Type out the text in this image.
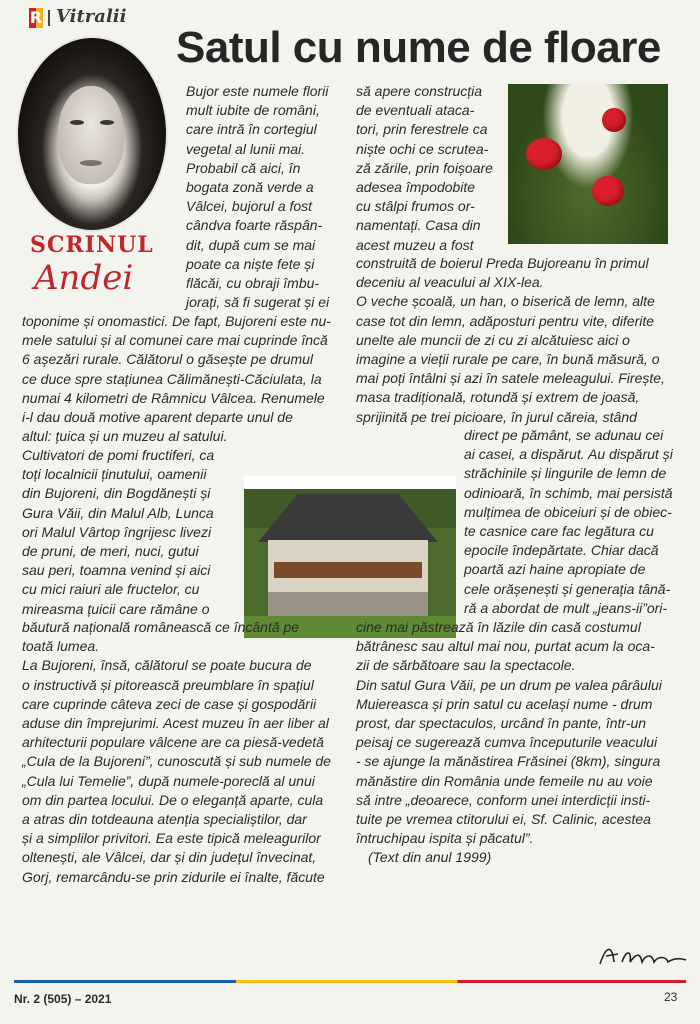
R Vitralii
SCRINUL
Andei
Satul cu nume de floare

Bujor este numele florii

mult iubite de români,

care intră în cortegiul

vegetal al lunii mai.

Probabil că aici, în

bogata zonă verde a

Vâlcei, bujorul a fost

cândva foarte răspân-

dit, după cum se mai

poate ca niște fete și

flăcăi, cu obraji îmbu-

jorați, să fi sugerat și ei

toponime și onomastici. De fapt, Bujoreni este nu-

mele satului și al comunei care mai cuprinde încă

6 așezări rurale. Călătorul o găsește pe drumul

ce duce spre stațiunea Călimănești-Căciulata, la

numai 4 kilometri de Râmnicu Vâlcea. Renumele

i-l dau două motive aparent departe unul de

altul: țuica și un muzeu al satului.

Cultivatori de pomi fructiferi, ca

toți localnicii ținutului, oamenii

din Bujoreni, din Bogdănești și

Gura Văii, din Malul Alb, Lunca

ori Malul Vârtop îngrijesc livezi

de pruni, de meri, nuci, gutui

sau peri, toamna venind și aici

cu mici raiuri ale fructelor, cu

mireasma țuicii care rămâne o

băutură națională românească ce încântă pe

toată lumea.

La Bujoreni, însă, călătorul se poate bucura de

o instructivă și pitorească preumblare în spațiul

care cuprinde câteva zeci de case și gospodării

aduse din împrejurimi. Acest muzeu în aer liber al

arhitecturii populare vâlcene are ca piesă-vedetă

„Cula de la Bujoreni”, cunoscută și sub numele de

„Cula lui Temelie”, după numele-poreclă al unui

om din partea locului. De o eleganță aparte, cula

a atras din totdeauna atenția specialiștilor, dar

și a simplilor privitori. Ea este tipică meleagurilor

oltenești, ale Vâlcei, dar și din județul învecinat,

Gorj, remarcându-se prin zidurile ei înalte, făcute

să apere construcția

de eventuali ataca-

tori, prin ferestrele ca

niște ochi ce scrutea-

ză zările, prin foișoare

adesea împodobite

cu stâlpi frumos or-

namentați. Casa din

acest muzeu a fost

construită de boierul Preda Bujoreanu în primul

deceniu al veacului al XIX-lea.

O veche școală, un han, o biserică de lemn, alte

case tot din lemn, adăposturi pentru vite, diferite

unelte ale muncii de zi cu zi alcătuiesc aici o

imagine a vieții rurale pe care, în bună măsură, o

mai poți întâlni și azi în satele meleagului. Firește,

masa tradițională, rotundă și extrem de joasă,

sprijinită pe trei picioare, în jurul căreia, stând

direct pe pământ, se adunau cei

ai casei, a dispărut. Au dispărut și

străchinile și lingurile de lemn de

odinioară, în schimb, mai persistă

mulțimea de obiceiuri și de obiec-

te casnice care fac legătura cu

epocile îndepărtate. Chiar dacă

poartă azi haine apropiate de

cele orășenești și generația tână-

ră a abordat de mult „jeans-ii”ori-

cine mai păstrează în lăzile din casă costumul

bătrânesc sau altul mai nou, purtat acum la oca-

zii de sărbătoare sau la spectacole.

Din satul Gura Văii, pe un drum pe valea pârâului

Muiereasca și prin satul cu același nume - drum

prost, dar spectaculos, urcând în pante, într-un

peisaj ce sugerează cumva începuturile veacului

- se ajunge la mănăstirea Frăsinei (8km), singura

mănăstire din România unde femeile nu au voie

să intre „deoarece, conform unei interdicții insti-

tuite pe vremea ctitorului ei, Sf. Calinic, acestea

întruchipau ispita și păcatul”.

(Text din anul 1999)

Nr. 2 (505) – 2021	23
